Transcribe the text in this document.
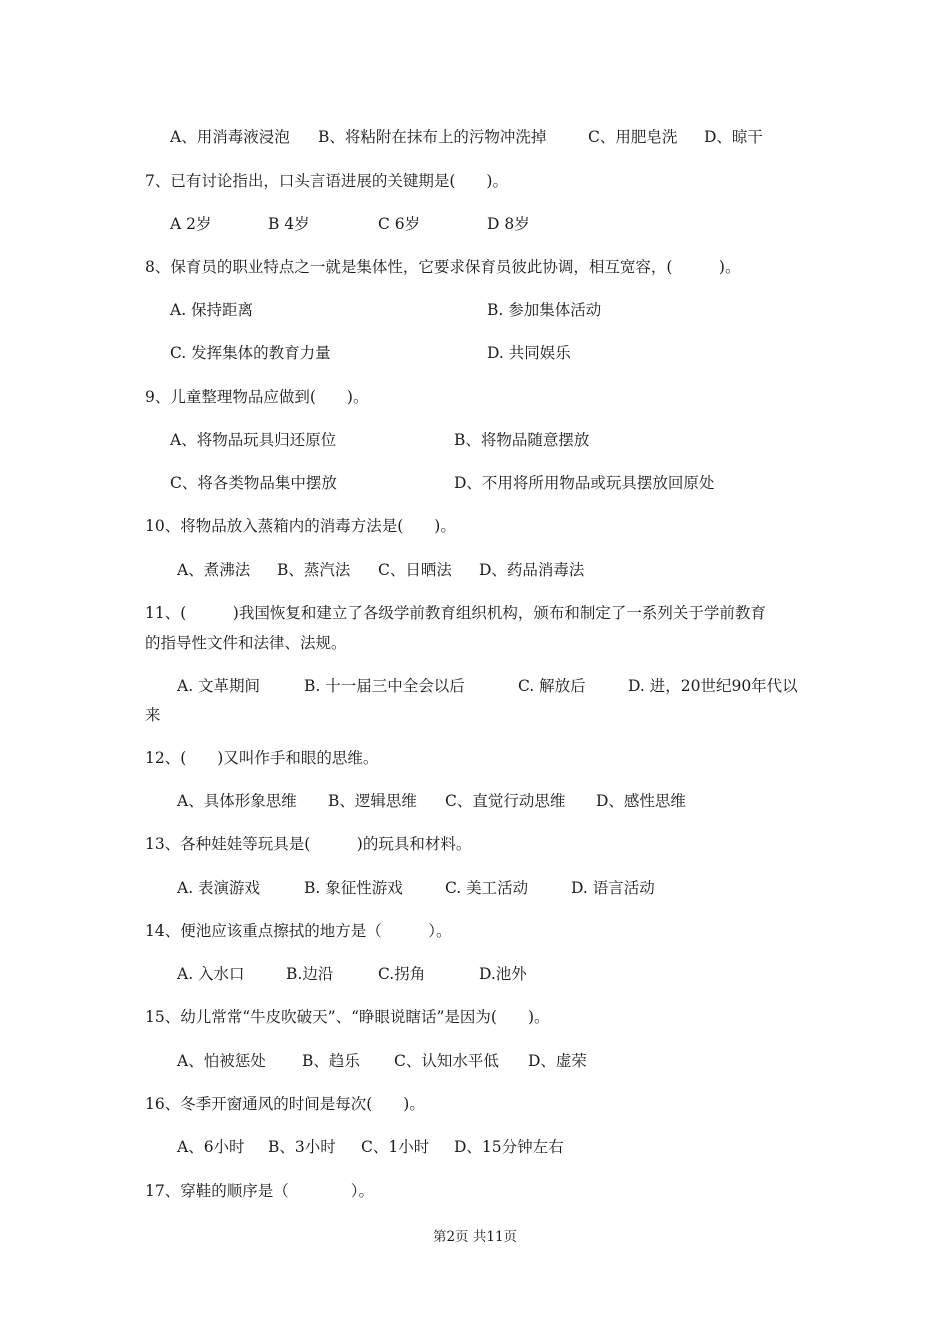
A、用消毒液浸泡 B、将粘附在抹布上的污物冲洗掉	C、用肥皂洗 D、晾干
7、已有讨论指出，口头言语进展的关键期是(　　)。
A 2岁	B 4岁	C 6岁	D 8岁
8、保育员的职业特点之一就是集体性，它要求保育员彼此协调，相互宽容，(　　　)。
A. 保持距离	B. 参加集体活动
C. 发挥集体的教育力量	D. 共同娱乐
9、儿童整理物品应做到(　　)。
A、将物品玩具归还原位	B、将物品随意摆放
C、将各类物品集中摆放	D、不用将所用物品或玩具摆放回原处
10、将物品放入蒸箱内的消毒方法是(　　)。
A、煮沸法 B、蒸汽法 C、日晒法 D、药品消毒法
11、(　　　)我国恢复和建立了各级学前教育组织机构，颁布和制定了一系列关于学前教育
的指导性文件和法律、法规。
A. 文革期间	B. 十一届三中全会以后	C. 解放后	D. 进，20世纪90年代以
来
12、(　　)又叫作手和眼的思维。
A、具体形象思维 B、逻辑思维 C、直觉行动思维 D、感性思维
13、各种娃娃等玩具是(　　　)的玩具和材料。
A. 表演游戏	B. 象征性游戏	C. 美工活动	D. 语言活动
14、便池应该重点擦拭的地方是（　　　）。
A. 入水口	B.边沿	C.拐角	D.池外
15、幼儿常常“牛皮吹破天”、“睁眼说瞎话”是因为(　　)。
A、怕被惩处 B、趋乐 C、认知水平低 D、虚荣
16、冬季开窗通风的时间是每次(　　)。
A、6小时 B、3小时 C、1小时 D、15分钟左右
17、穿鞋的顺序是（　　　　）。
第2页 共11页
